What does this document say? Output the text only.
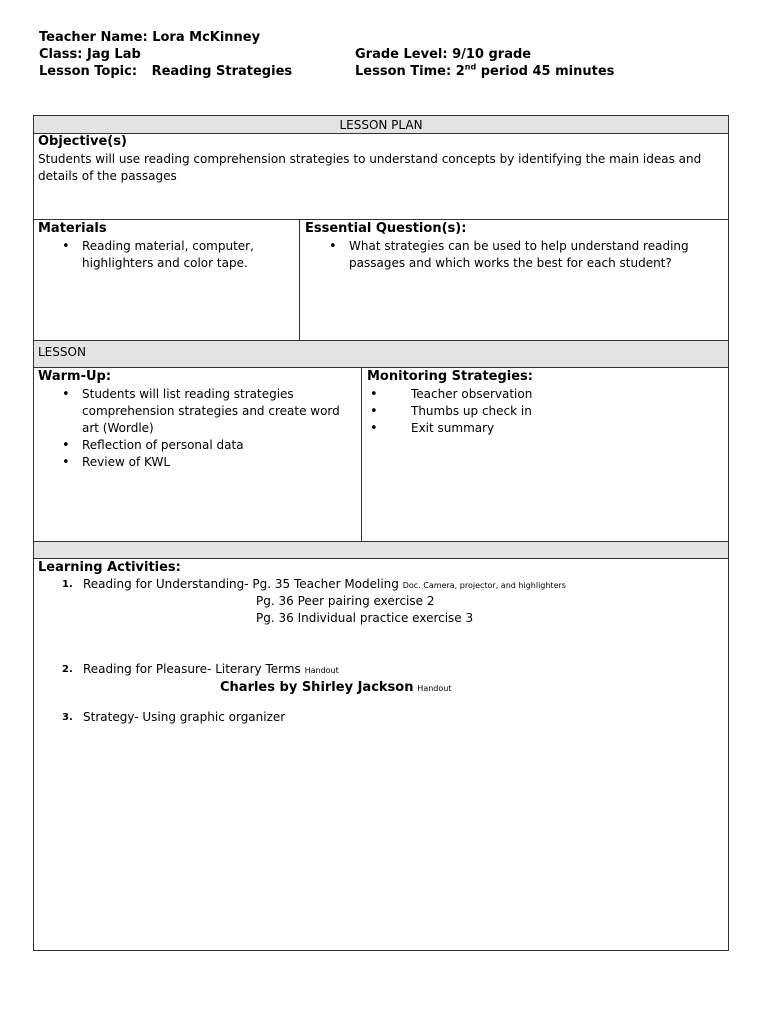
Teacher Name: Lora McKinney
Class: Jag Lab
Lesson Topic: Reading Strategies
Grade Level: 9/10 grade
Lesson Time: 2nd period 45 minutes
LESSON PLAN
Objective(s)
Students will use reading comprehension strategies to understand concepts by identifying the main ideas and details of the passages
Materials
• Reading material, computer, highlighters and color tape.
Essential Question(s):
• What strategies can be used to help understand reading passages and which works the best for each student?
LESSON
Warm-Up:
• Students will list reading strategies comprehension strategies and create word art (Wordle)
• Reflection of personal data
• Review of KWL
Monitoring Strategies:
• Teacher observation
• Thumbs up check in
• Exit summary
Learning Activities:
1. Reading for Understanding- Pg. 35 Teacher Modeling Doc. Camera, projector, and highlighters
Pg. 36 Peer pairing exercise 2
Pg. 36 Individual practice exercise 3
2. Reading for Pleasure- Literary Terms Handout
Charles by Shirley Jackson Handout
3. Strategy- Using graphic organizer
